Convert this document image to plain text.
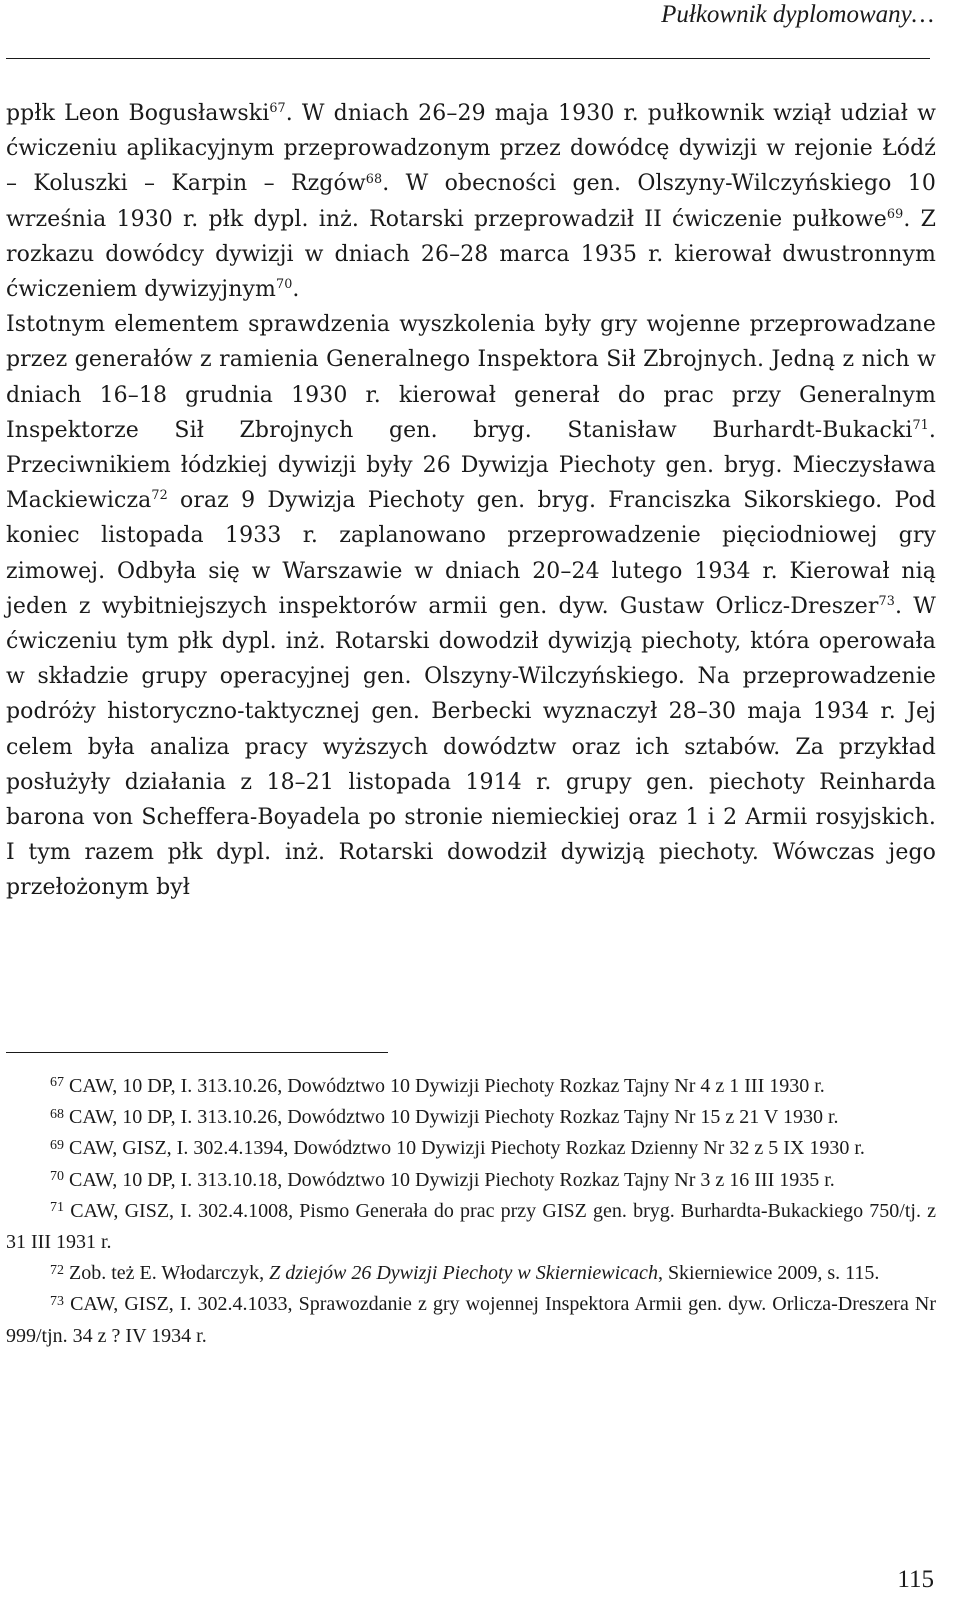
Pułkownik dyplomowany…

ppłk Leon Bogusławski$^{67}$. W dniach 26–29 maja 1930 r. pułkownik wziął udział w ćwiczeniu aplikacyjnym przeprowadzonym przez dowódcę dywizji w rejonie Łódź – Koluszki – Karpin – Rzgów$^{68}$. W obecności gen. Olszyny-Wilczyńskiego 10 września 1930 r. płk dypl. inż. Rotarski przeprowadził II ćwiczenie pułkowe$^{69}$. Z rozkazu dowódcy dywizji w dniach 26–28 marca 1935 r. kierował dwustronnym ćwiczeniem dywizyjnym$^{70}$.

Istotnym elementem sprawdzenia wyszkolenia były gry wojenne przeprowadzane przez generałów z ramienia Generalnego Inspektora Sił Zbrojnych. Jedną z nich w dniach 16–18 grudnia 1930 r. kierował generał do prac przy Generalnym Inspektorze Sił Zbrojnych gen. bryg. Stanisław Burhardt-Bukacki$^{71}$. Przeciwnikiem łódzkiej dywizji były 26 Dywizja Piechoty gen. bryg. Mieczysława Mackiewicza$^{72}$ oraz 9 Dywizja Piechoty gen. bryg. Franciszka Sikorskiego. Pod koniec listopada 1933 r. zaplanowano przeprowadzenie pięciodniowej gry zimowej. Odbyła się w Warszawie w dniach 20–24 lutego 1934 r. Kierował nią jeden z wybitniejszych inspektorów armii gen. dyw. Gustaw Orlicz-Dreszer$^{73}$. W ćwiczeniu tym płk dypl. inż. Rotarski dowodził dywizją piechoty, która operowała w składzie grupy operacyjnej gen. Olszyny-Wilczyńskiego. Na przeprowadzenie podróży historyczno-taktycznej gen. Berbecki wyznaczył 28–30 maja 1934 r. Jej celem była analiza pracy wyższych dowództw oraz ich sztabów. Za przykład posłużyły działania z 18–21 listopada 1914 r. grupy gen. piechoty Reinharda barona von Scheffera-Boyadela po stronie niemieckiej oraz 1 i 2 Armii rosyjskich. I tym razem płk dypl. inż. Rotarski dowodził dywizją piechoty. Wówczas jego przełożonym był

$^{67}$ CAW, 10 DP, I. 313.10.26, Dowództwo 10 Dywizji Piechoty Rozkaz Tajny Nr 4 z 1 III 1930 r.

$^{68}$ CAW, 10 DP, I. 313.10.26, Dowództwo 10 Dywizji Piechoty Rozkaz Tajny Nr 15 z 21 V 1930 r.

$^{69}$ CAW, GISZ, I. 302.4.1394, Dowództwo 10 Dywizji Piechoty Rozkaz Dzienny Nr 32 z 5 IX 1930 r.

$^{70}$ CAW, 10 DP, I. 313.10.18, Dowództwo 10 Dywizji Piechoty Rozkaz Tajny Nr 3 z 16 III 1935 r.

$^{71}$ CAW, GISZ, I. 302.4.1008, Pismo Generała do prac przy GISZ gen. bryg. Burhardta-Bukackiego 750/tj. z 31 III 1931 r.

$^{72}$ Zob. też E. Włodarczyk, Z dziejów 26 Dywizji Piechoty w Skierniewicach, Skierniewice 2009, s. 115.

$^{73}$ CAW, GISZ, I. 302.4.1033, Sprawozdanie z gry wojennej Inspektora Armii gen. dyw. Orlicza-Dreszera Nr 999/tjn. 34 z ? IV 1934 r.

115
